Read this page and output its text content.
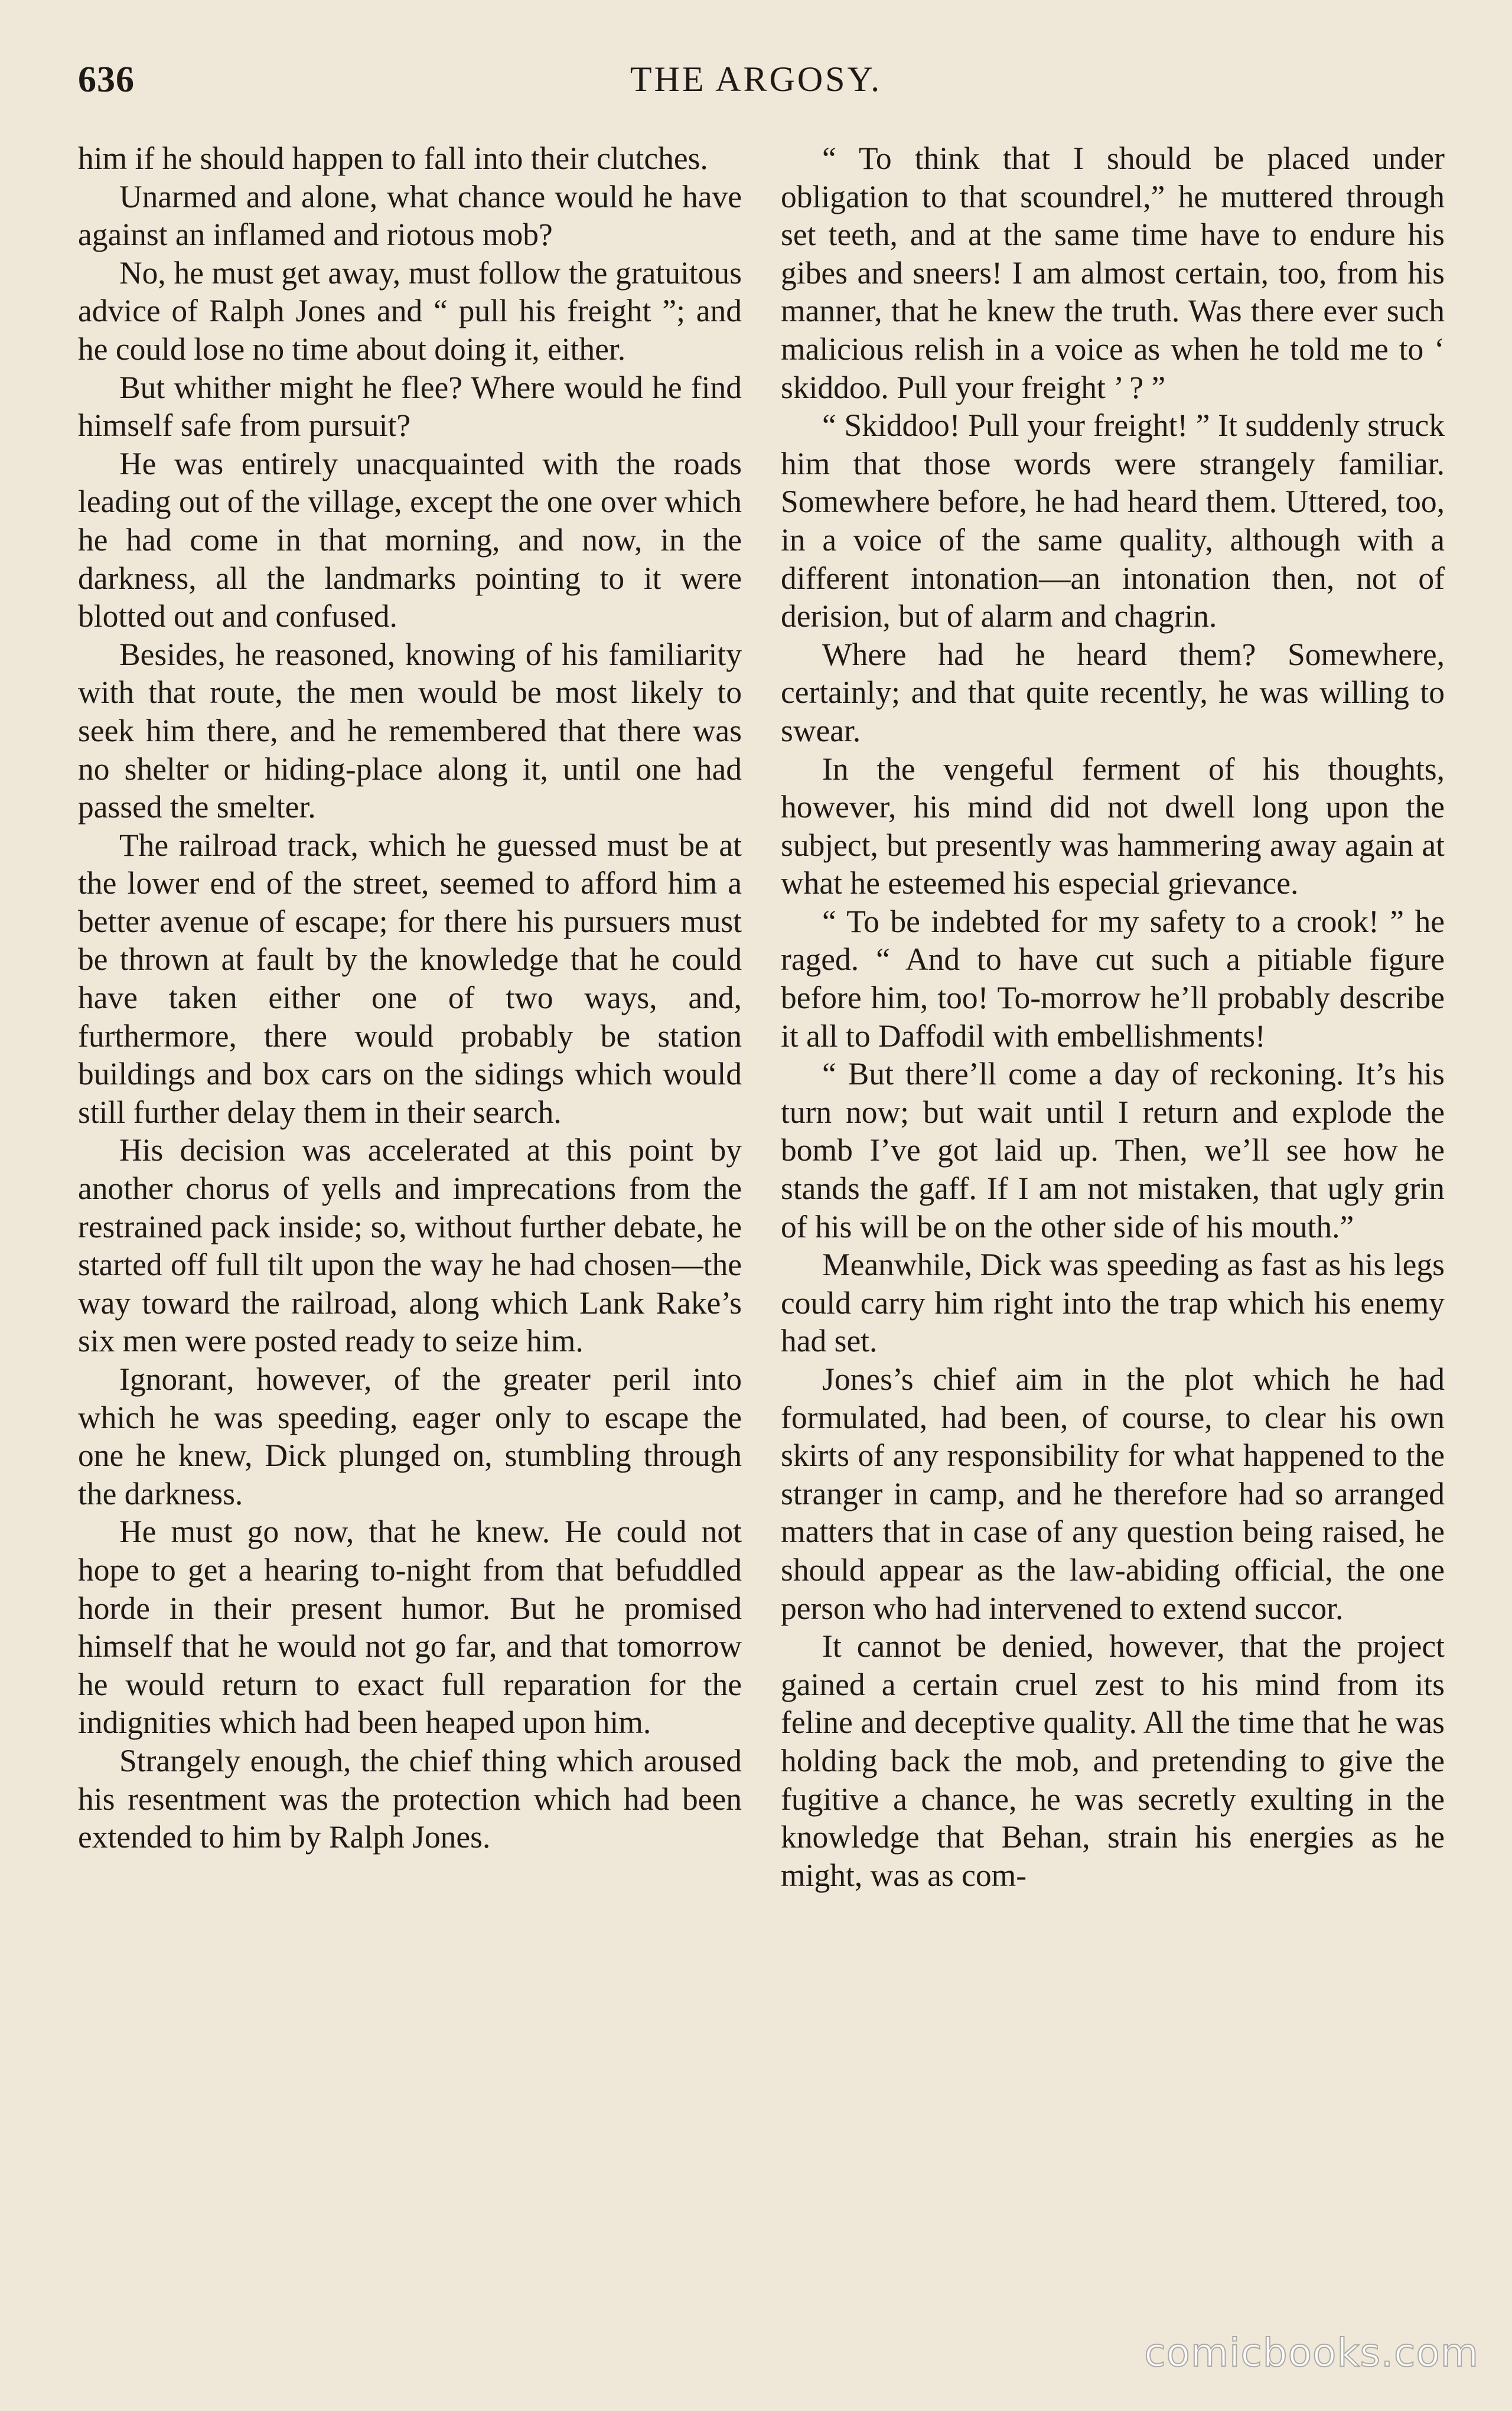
636	THE ARGOSY.

him if he should happen to fall into their clutches.

Unarmed and alone, what chance would he have against an inflamed and riotous mob?

No, he must get away, must follow the gratuitous advice of Ralph Jones and “ pull his freight ”; and he could lose no time about doing it, either.

But whither might he flee? Where would he find himself safe from pursuit?

He was entirely unacquainted with the roads leading out of the village, except the one over which he had come in that morning, and now, in the darkness, all the landmarks pointing to it were blotted out and confused.

Besides, he reasoned, knowing of his familiarity with that route, the men would be most likely to seek him there, and he remembered that there was no shelter or hiding-place along it, until one had passed the smelter.

The railroad track, which he guessed must be at the lower end of the street, seemed to afford him a better avenue of escape; for there his pursuers must be thrown at fault by the knowledge that he could have taken either one of two ways, and, furthermore, there would probably be station buildings and box cars on the sidings which would still further delay them in their search.

His decision was accelerated at this point by another chorus of yells and imprecations from the restrained pack inside; so, without further debate, he started off full tilt upon the way he had chosen—the way toward the railroad, along which Lank Rake’s six men were posted ready to seize him.

Ignorant, however, of the greater peril into which he was speeding, eager only to escape the one he knew, Dick plunged on, stumbling through the darkness.

He must go now, that he knew. He could not hope to get a hearing to-night from that befuddled horde in their present humor. But he promised himself that he would not go far, and that tomorrow he would return to exact full reparation for the indignities which had been heaped upon him.

Strangely enough, the chief thing which aroused his resentment was the protection which had been extended to him by Ralph Jones.

“ To think that I should be placed under obligation to that scoundrel,” he muttered through set teeth, and at the same time have to endure his gibes and sneers! I am almost certain, too, from his manner, that he knew the truth. Was there ever such malicious relish in a voice as when he told me to ‘ skiddoo. Pull your freight ’ ? ”

“ Skiddoo! Pull your freight! ” It suddenly struck him that those words were strangely familiar. Somewhere before, he had heard them. Uttered, too, in a voice of the same quality, although with a different intonation—an intonation then, not of derision, but of alarm and chagrin.

Where had he heard them? Somewhere, certainly; and that quite recently, he was willing to swear.

In the vengeful ferment of his thoughts, however, his mind did not dwell long upon the subject, but presently was hammering away again at what he esteemed his especial grievance.

“ To be indebted for my safety to a crook! ” he raged. “ And to have cut such a pitiable figure before him, too! To-morrow he’ll probably describe it all to Daffodil with embellishments!

“ But there’ll come a day of reckoning. It’s his turn now; but wait until I return and explode the bomb I’ve got laid up. Then, we’ll see how he stands the gaff. If I am not mistaken, that ugly grin of his will be on the other side of his mouth.”

Meanwhile, Dick was speeding as fast as his legs could carry him right into the trap which his enemy had set.

Jones’s chief aim in the plot which he had formulated, had been, of course, to clear his own skirts of any responsibility for what happened to the stranger in camp, and he therefore had so arranged matters that in case of any question being raised, he should appear as the law-abiding official, the one person who had intervened to extend succor.

It cannot be denied, however, that the project gained a certain cruel zest to his mind from its feline and deceptive quality. All the time that he was holding back the mob, and pretending to give the fugitive a chance, he was secretly exulting in the knowledge that Behan, strain his energies as he might, was as com-

comicbooks.com
